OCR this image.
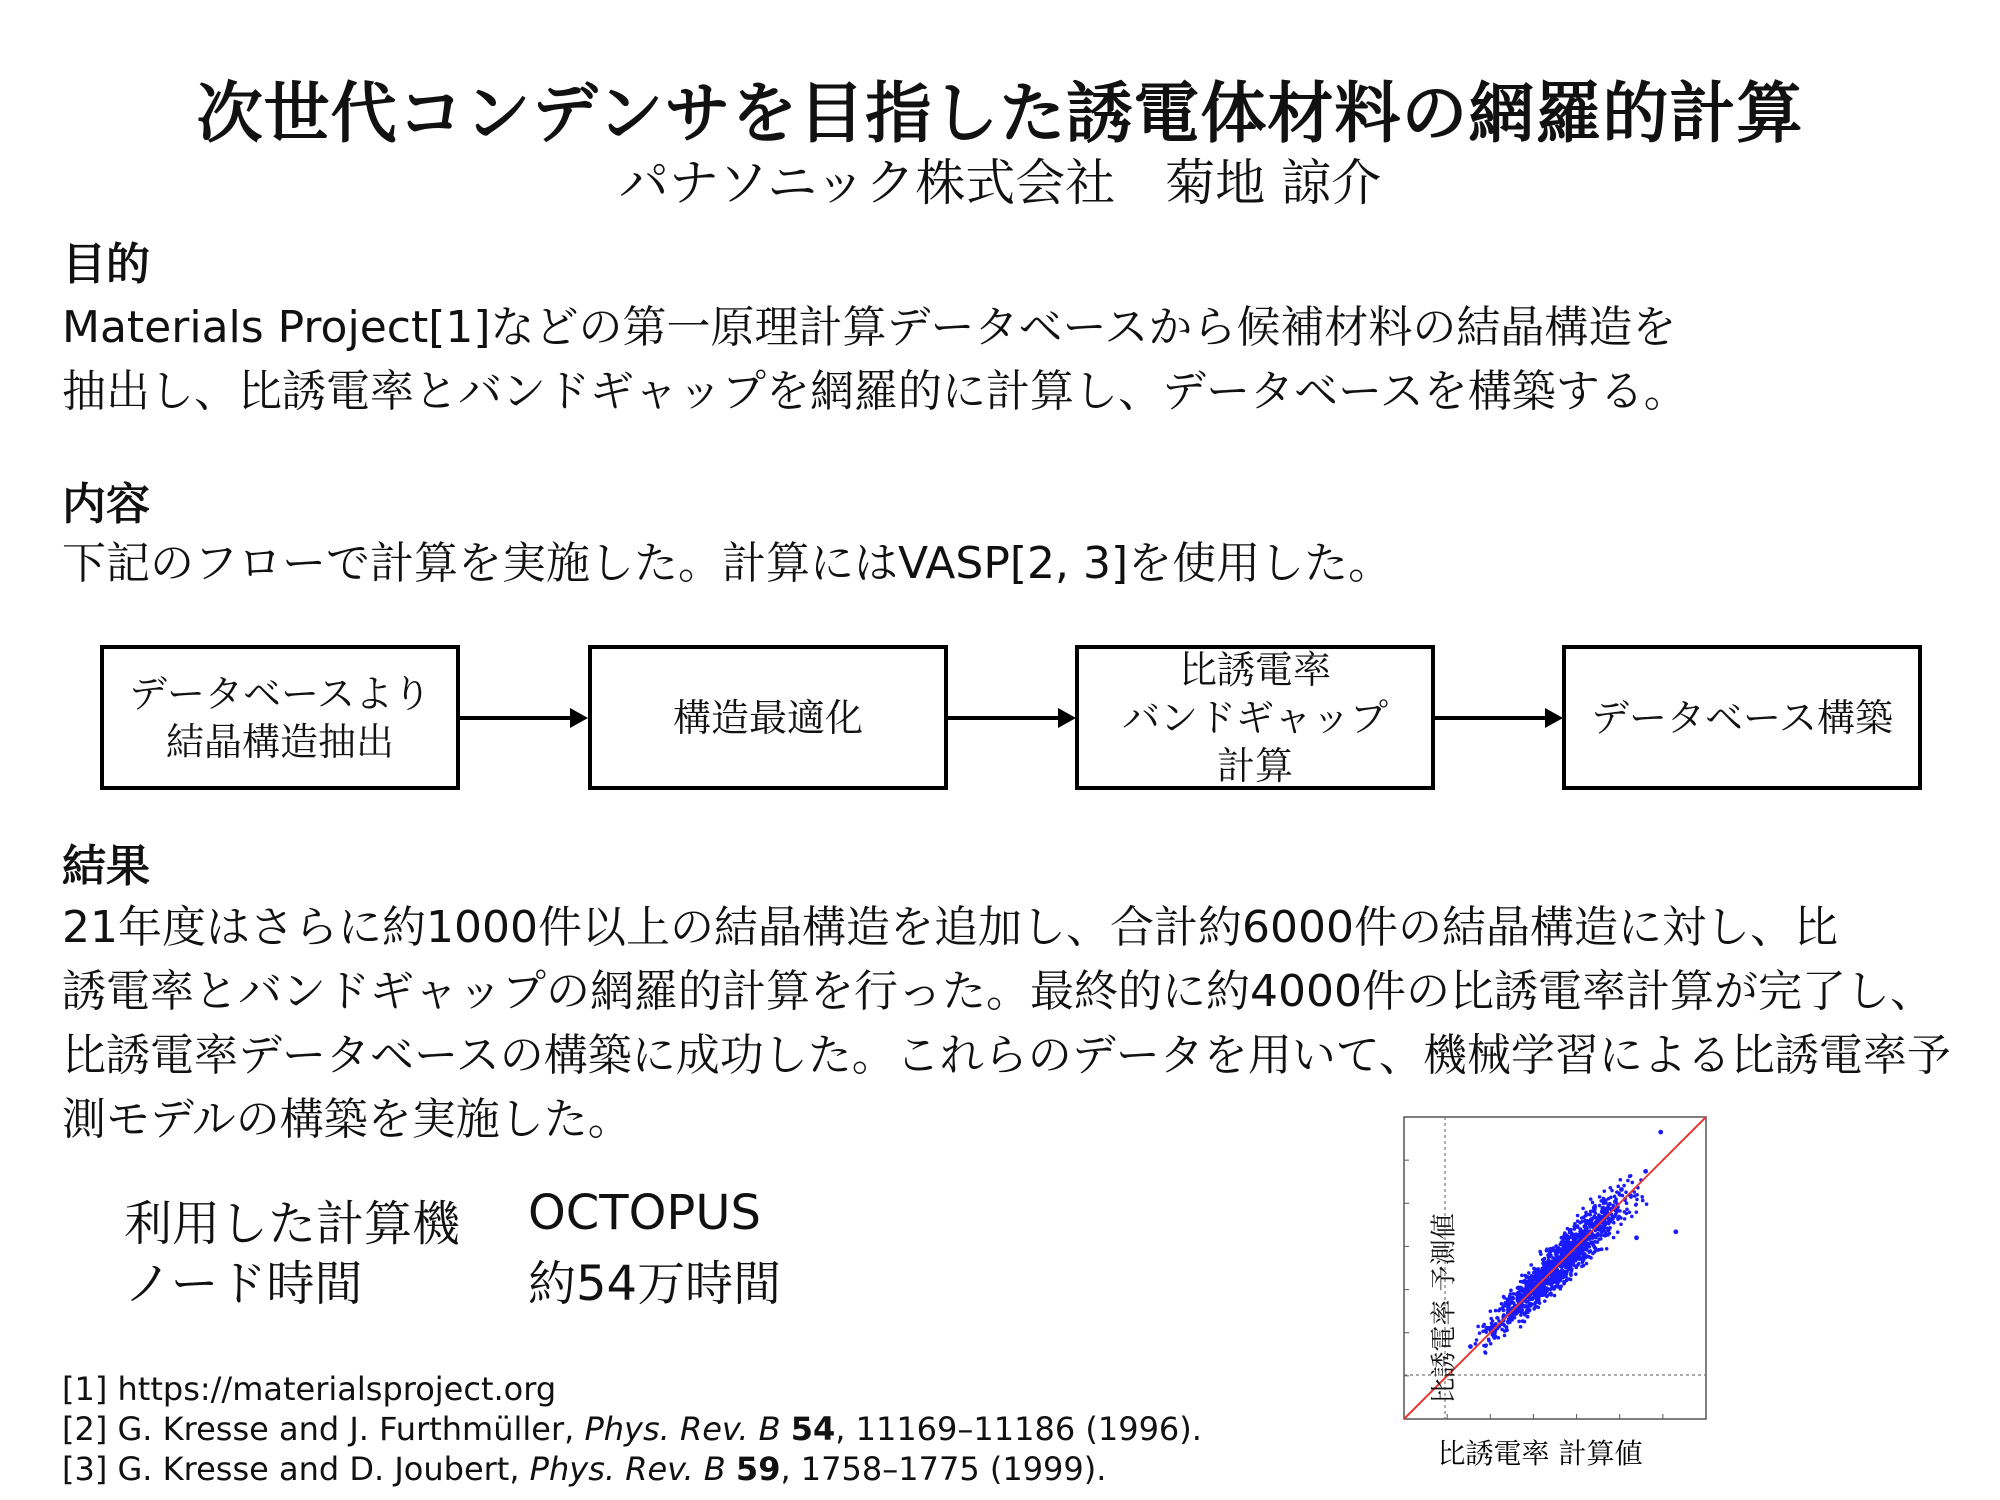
次世代コンデンサを目指した誘電体材料の網羅的計算
パナソニック株式会社　菊地 諒介
目的
Materials Project[1]などの第一原理計算データベースから候補材料の結晶構造を
抽出し、比誘電率とバンドギャップを網羅的に計算し、データベースを構築する。
内容
下記のフローで計算を実施した。計算にはVASP[2, 3]を使用した。
データベースより
結晶構造抽出
構造最適化
比誘電率
バンドギャップ
計算
データベース構築
結果
21年度はさらに約1000件以上の結晶構造を追加し、合計約6000件の結晶構造に対し、比
誘電率とバンドギャップの網羅的計算を行った。最終的に約4000件の比誘電率計算が完了し、
比誘電率データベースの構築に成功した。これらのデータを用いて、機械学習による比誘電率予
測モデルの構築を実施した。
利用した計算機 OCTOPUS
ノード時間	約54万時間
[1] https://materialsproject.org
[2] G. Kresse and J. Furthmüller, Phys. Rev. B 54, 11169–11186 (1996).
[3] G. Kresse and D. Joubert, Phys. Rev. B 59, 1758–1775 (1999).	比誘電率 計算値
比誘電率 予測値
